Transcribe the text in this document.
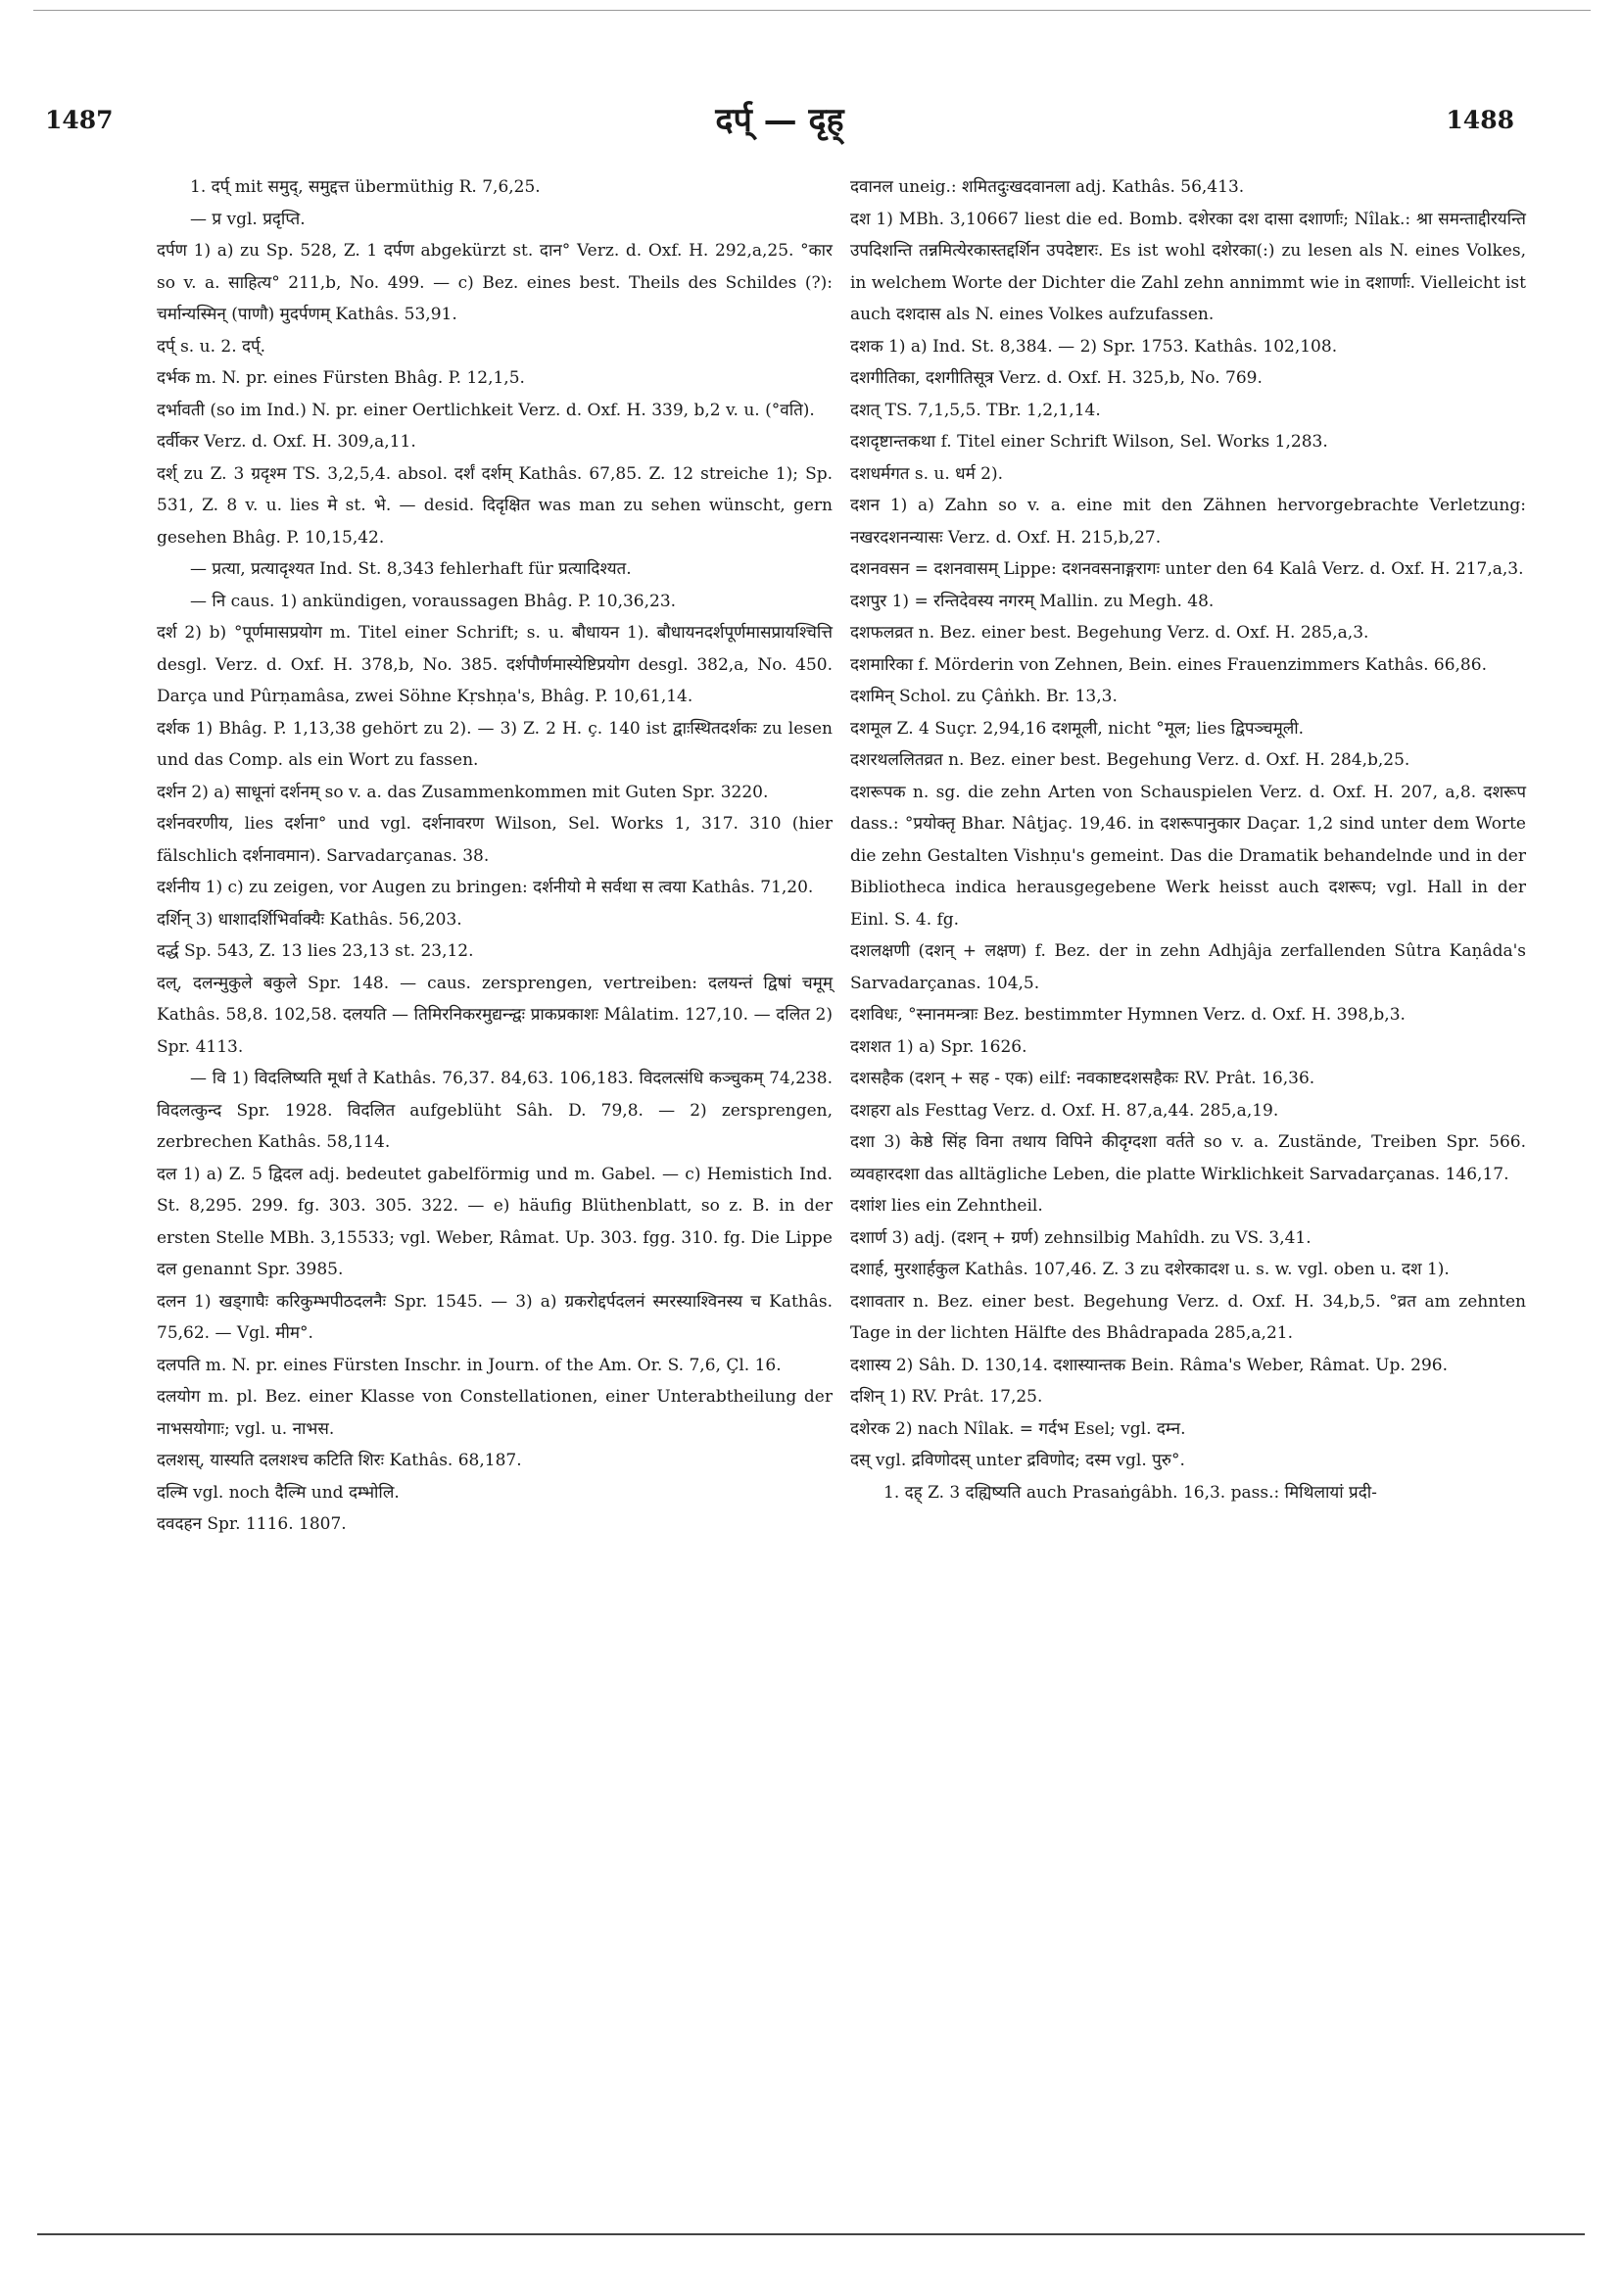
1487	दर्प् — दृह्	1488

1. दर्प् mit समुद्, समुद्दत्त übermüthig R. 7,6,25.

— प्र vgl. प्रदृप्ति.

दर्पण 1) a) zu Sp. 528, Z. 1 दर्पण abgekürzt st. दान° Verz. d. Oxf. H. 292,a,25. °कार so v. a. साहित्य° 211,b, No. 499. — c) Bez. eines best. Theils des Schildes (?): चर्मान्यस्मिन् (पाणौ) मुदर्पणम् Kathâs. 53,91.

दर्प् s. u. 2. दर्प्.

दर्भक m. N. pr. eines Fürsten Bhâg. P. 12,1,5.

दर्भावती (so im Ind.) N. pr. einer Oertlichkeit Verz. d. Oxf. H. 339, b,2 v. u. (°वति).

दर्वीकर Verz. d. Oxf. H. 309,a,11.

दर्श् zu Z. 3 ग्रदृश्म TS. 3,2,5,4. absol. दर्शं दर्शम् Kathâs. 67,85. Z. 12 streiche 1); Sp. 531, Z. 8 v. u. lies मे st. भे. — desid. दिदृक्षित was man zu sehen wünscht, gern gesehen Bhâg. P. 10,15,42.

— प्रत्या, प्रत्यादृश्यत Ind. St. 8,343 fehlerhaft für प्रत्यादिश्यत.

— नि caus. 1) ankündigen, voraussagen Bhâg. P. 10,36,23.

दर्श 2) b) °पूर्णमासप्रयोग m. Titel einer Schrift; s. u. बौधायन 1). बौधायनदर्शपूर्णमासप्रायश्चित्ति desgl. Verz. d. Oxf. H. 378,b, No. 385. दर्शपौर्णमास्येष्टिप्रयोग desgl. 382,a, No. 450. Darça und Pûrṇamâsa, zwei Söhne Kṛshṇa's, Bhâg. P. 10,61,14.

दर्शक 1) Bhâg. P. 1,13,38 gehört zu 2). — 3) Z. 2 H. ç. 140 ist द्वाःस्थितदर्शकः zu lesen und das Comp. als ein Wort zu fassen.

दर्शन 2) a) साधूनां दर्शनम् so v. a. das Zusammenkommen mit Guten Spr. 3220.

दर्शनवरणीय, lies दर्शना° und vgl. दर्शनावरण Wilson, Sel. Works 1, 317. 310 (hier fälschlich दर्शनावमान). Sarvadarçanas. 38.

दर्शनीय 1) c) zu zeigen, vor Augen zu bringen: दर्शनीयो मे सर्वथा स त्वया Kathâs. 71,20.

दर्शिन् 3) धाशादर्शिभिर्वाक्यैः Kathâs. 56,203.

दर्द्ध Sp. 543, Z. 13 lies 23,13 st. 23,12.

दल्, दलन्मुकुले बकुले Spr. 148. — caus. zersprengen, vertreiben: दलयन्तं द्विषां चमूम् Kathâs. 58,8. 102,58. दलयति — तिमिरनिकरमुद्यन्न्द्वः प्राकप्रकाशः Mâlatim. 127,10. — दलित 2) Spr. 4113.

— वि 1) विदलिष्यति मूर्धा ते Kathâs. 76,37. 84,63. 106,183. विदलत्संधि कञ्चुकम् 74,238. विदलत्कुन्द Spr. 1928. विदलित aufgeblüht Sâh. D. 79,8. — 2) zersprengen, zerbrechen Kathâs. 58,114.

दल 1) a) Z. 5 द्विदल adj. bedeutet gabelförmig und m. Gabel. — c) Hemistich Ind. St. 8,295. 299. fg. 303. 305. 322. — e) häufig Blüthenblatt, so z. B. in der ersten Stelle MBh. 3,15533; vgl. Weber, Râmat. Up. 303. fgg. 310. fg. Die Lippe दल genannt Spr. 3985.

दलन 1) खड्गाघैः करिकुम्भपीठदलनैः Spr. 1545. — 3) a) ग्रकरोद्दर्पदलनं स्मरस्याश्विनस्य च Kathâs. 75,62. — Vgl. मीम°.

दलपति m. N. pr. eines Fürsten Inschr. in Journ. of the Am. Or. S. 7,6, Çl. 16.

दलयोग m. pl. Bez. einer Klasse von Constellationen, einer Unterabtheilung der नाभसयोगाः; vgl. u. नाभस.

दलशस्, यास्यति दलशश्च कटिति शिरः Kathâs. 68,187.

दल्मि vgl. noch दैल्मि und दम्भोलि.

दवदहन Spr. 1116. 1807.

दवानल uneig.: शमितदुःखदवानला adj. Kathâs. 56,413.

दश 1) MBh. 3,10667 liest die ed. Bomb. दशेरका दश दासा दशार्णाः; Nîlak.: श्रा समन्ताद्दीरयन्ति उपदिशन्ति तन्नमित्येरकास्तद्दर्शिन उपदेष्टारः. Es ist wohl दशेरका(:) zu lesen als N. eines Volkes, in welchem Worte der Dichter die Zahl zehn annimmt wie in दशार्णाः. Vielleicht ist auch दशदास als N. eines Volkes aufzufassen.

दशक 1) a) Ind. St. 8,384. — 2) Spr. 1753. Kathâs. 102,108.

दशगीतिका, दशगीतिसूत्र Verz. d. Oxf. H. 325,b, No. 769.

दशत् TS. 7,1,5,5. TBr. 1,2,1,14.

दशदृष्टान्तकथा f. Titel einer Schrift Wilson, Sel. Works 1,283.

दशधर्मगत s. u. धर्म 2).

दशन 1) a) Zahn so v. a. eine mit den Zähnen hervorgebrachte Verletzung: नखरदशनन्यासः Verz. d. Oxf. H. 215,b,27.

दशनवसन = दशनवासम् Lippe: दशनवसनाङ्गरागः unter den 64 Kalâ Verz. d. Oxf. H. 217,a,3.

दशपुर 1) = रन्तिदेवस्य नगरम् Mallin. zu Megh. 48.

दशफलव्रत n. Bez. einer best. Begehung Verz. d. Oxf. H. 285,a,3.

दशमारिका f. Mörderin von Zehnen, Bein. eines Frauenzimmers Kathâs. 66,86.

दशमिन् Schol. zu Çâṅkh. Br. 13,3.

दशमूल Z. 4 Suçr. 2,94,16 दशमूली, nicht °मूल; lies द्विपञ्चमूली.

दशरथललितव्रत n. Bez. einer best. Begehung Verz. d. Oxf. H. 284,b,25.

दशरूपक n. sg. die zehn Arten von Schauspielen Verz. d. Oxf. H. 207, a,8. दशरूप dass.: °प्रयोक्तृ Bhar. Nâṭjaç. 19,46. in दशरूपानुकार Daçar. 1,2 sind unter dem Worte die zehn Gestalten Vishṇu's gemeint. Das die Dramatik behandelnde und in der Bibliotheca indica herausgegebene Werk heisst auch दशरूप; vgl. Hall in der Einl. S. 4. fg.

दशलक्षणी (दशन् + लक्षण) f. Bez. der in zehn Adhjâja zerfallenden Sûtra Kaṇâda's Sarvadarçanas. 104,5.

दशविधः, °स्नानमन्त्राः Bez. bestimmter Hymnen Verz. d. Oxf. H. 398,b,3.

दशशत 1) a) Spr. 1626.

दशसहैक (दशन् + सह - एक) eilf: नवकाष्टदशसहैकः RV. Prât. 16,36.

दशहरा als Festtag Verz. d. Oxf. H. 87,a,44. 285,a,19.

दशा 3) केष्ठे सिंह विना तथाय विपिने कीदृग्दशा वर्तते so v. a. Zustände, Treiben Spr. 566. व्यवहारदशा das alltägliche Leben, die platte Wirklichkeit Sarvadarçanas. 146,17.

दशांश lies ein Zehntheil.

दशार्ण 3) adj. (दशन् + ग्रर्ण) zehnsilbig Mahîdh. zu VS. 3,41.

दशार्ह, मुरशार्हकुल Kathâs. 107,46. Z. 3 zu दशेरकादश u. s. w. vgl. oben u. दश 1).

दशावतार n. Bez. einer best. Begehung Verz. d. Oxf. H. 34,b,5. °व्रत am zehnten Tage in der lichten Hälfte des Bhâdrapada 285,a,21.

दशास्य 2) Sâh. D. 130,14. दशास्यान्तक Bein. Râma's Weber, Râmat. Up. 296.

दशिन् 1) RV. Prât. 17,25.

दशेरक 2) nach Nîlak. = गर्दभ Esel; vgl. दम्न.

दस् vgl. द्रविणोदस् unter द्रविणोद; दस्म vgl. पुरु°.

1. दह् Z. 3 दह्यिष्यति auch Prasaṅgâbh. 16,3. pass.: मिथिलायां प्रदी-
